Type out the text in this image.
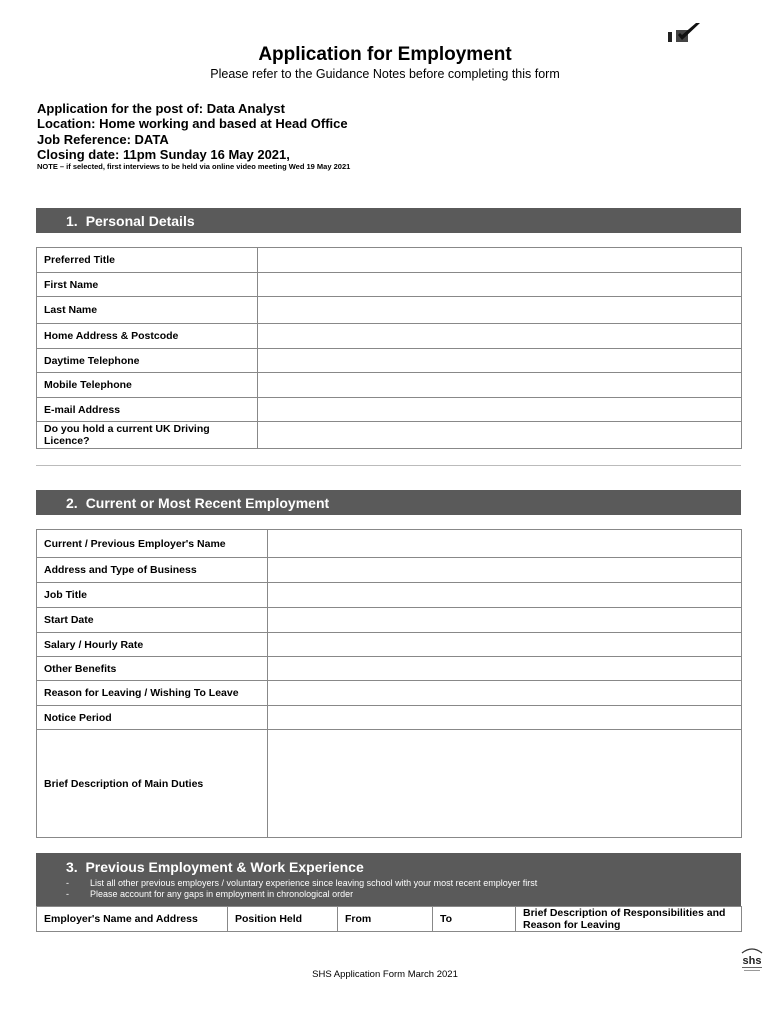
Application for Employment
Please refer to the Guidance Notes before completing this form
Application for the post of: Data Analyst
Location: Home working and based at Head Office
Job Reference: DATA
Closing date: 11pm Sunday 16 May 2021,
NOTE – if selected, first interviews to be held via online video meeting Wed 19 May 2021
1. Personal Details
Preferred Title	
First Name	
Last Name	
Home Address & Postcode	
Daytime Telephone	
Mobile Telephone	
E-mail Address	
Do you hold a current UK Driving Licence?	
2. Current or Most Recent Employment
Current / Previous Employer's Name	
Address and Type of Business	
Job Title	
Start Date	
Salary / Hourly Rate	
Other Benefits	
Reason for Leaving / Wishing To Leave	
Notice Period	
Brief Description of Main Duties	
3. Previous Employment & Work Experience
- List all other previous employers / voluntary experience since leaving school with your most recent employer first
- Please account for any gaps in employment in chronological order
Employer's Name and Address	Position Held	From	To	Brief Description of Responsibilities and Reason for Leaving
shs
SHS Application Form March 2021
